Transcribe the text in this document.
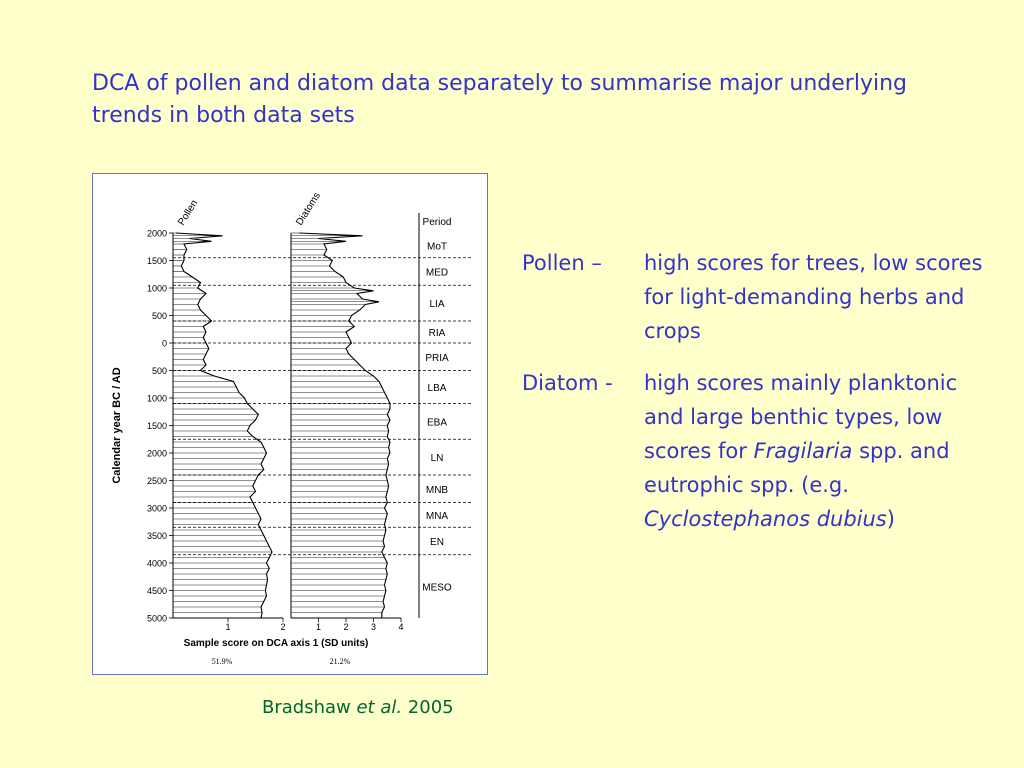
DCA of pollen and diatom data separately to summarise major underlying trends in both data sets
2000
1500
1000
500
0
500
1000
1500
2000
2500
3000
3500
4000
4500
5000
Calendar year BC / AD
1	2
Pollen
51.9%
1 2 3 4
Diatoms
21.2%
Period
MoT
MED
LIA
RIA
PRIA
LBA
EBA
LN
MNB
MNA
EN
MESO
Sample score on DCA axis 1 (SD units)
Pollen –	high scores for trees, low scores for light-demanding herbs and crops
Diatom -	high scores mainly planktonic and large benthic types, low scores for Fragilaria spp. and eutrophic spp. (e.g. Cyclostephanos dubius)
Bradshaw et al. 2005
